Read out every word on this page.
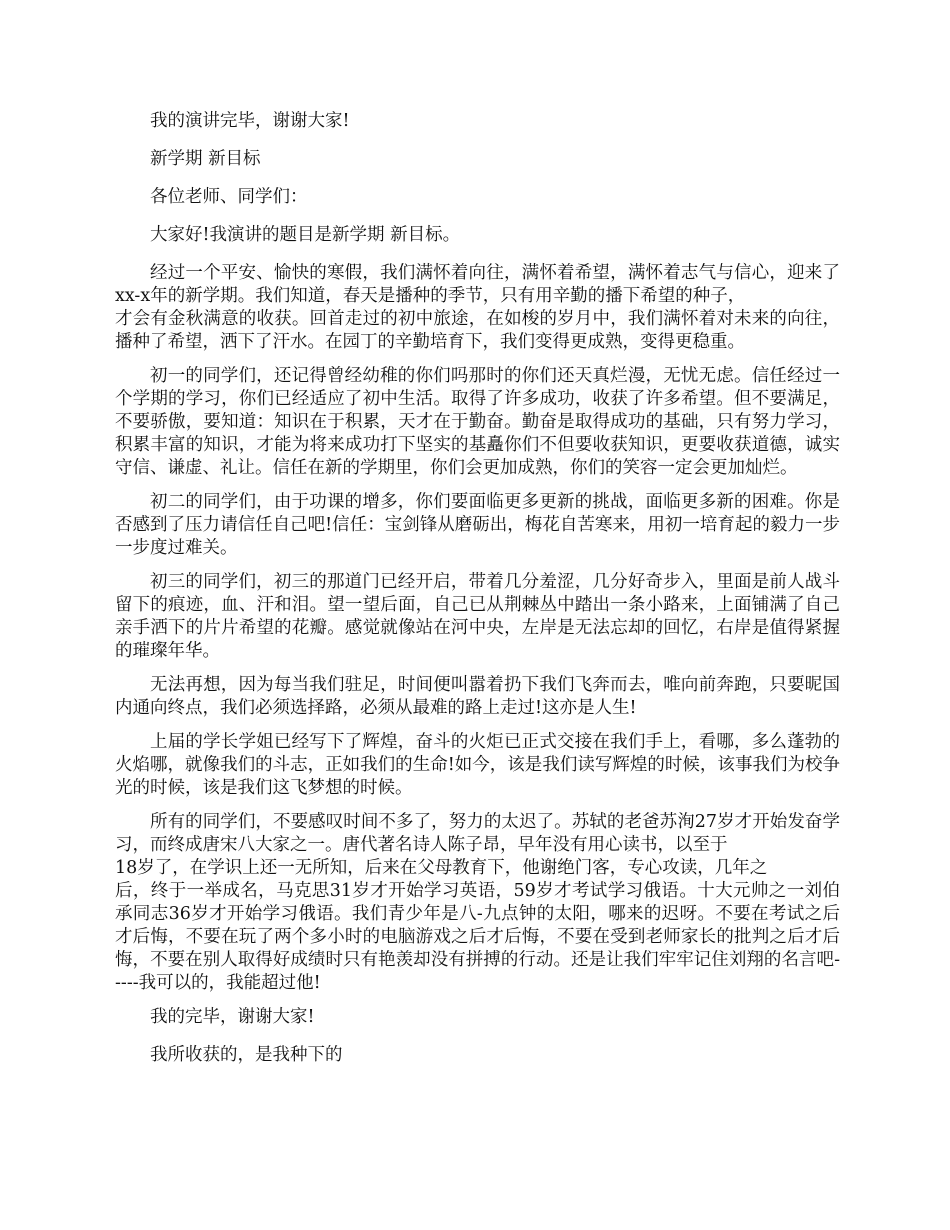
我的演讲完毕，谢谢大家!

新学期 新目标

各位老师、同学们：

大家好!我演讲的题目是新学期 新目标。

经过一个平安、愉快的寒假，我们满怀着向往，满怀着希望，满怀着志气与信心，迎来了xx-x年的新学期。我们知道，春天是播种的季节，只有用辛勤的播下希望的种子，
才会有金秋满意的收获。回首走过的初中旅途，在如梭的岁月中，我们满怀着对未来的向往，播种了希望，洒下了汗水。在园丁的辛勤培育下，我们变得更成熟，变得更稳重。

初一的同学们，还记得曾经幼稚的你们吗那时的你们还天真烂漫，无忧无虑。信任经过一个学期的学习，你们已经适应了初中生活。取得了许多成功，收获了许多希望。但不要满足，不要骄傲，要知道：知识在于积累，天才在于勤奋。勤奋是取得成功的基础，只有努力学习，积累丰富的知识，才能为将来成功打下坚实的基矗你们不但要收获知识，更要收获道德，诚实守信、谦虚、礼让。信任在新的学期里，你们会更加成熟，你们的笑容一定会更加灿烂。

初二的同学们，由于功课的增多，你们要面临更多更新的挑战，面临更多新的困难。你是否感到了压力请信任自己吧!信任：宝剑锋从磨砺出，梅花自苦寒来，用初一培育起的毅力一步一步度过难关。

初三的同学们，初三的那道门已经开启，带着几分羞涩，几分好奇步入，里面是前人战斗留下的痕迹，血、汗和泪。望一望后面，自己已从荆棘丛中踏出一条小路来，上面铺满了自己亲手洒下的片片希望的花瓣。感觉就像站在河中央，左岸是无法忘却的回忆，右岸是值得紧握的璀璨年华。

无法再想，因为每当我们驻足，时间便叫嚣着扔下我们飞奔而去，唯向前奔跑，只要昵国内通向终点，我们必须选择路，必须从最难的路上走过!这亦是人生!

上届的学长学姐已经写下了辉煌，奋斗的火炬已正式交接在我们手上，看哪，多么蓬勃的火焰哪，就像我们的斗志，正如我们的生命!如今，该是我们读写辉煌的时候，该事我们为校争光的时候，该是我们这飞梦想的时候。

所有的同学们，不要感叹时间不多了，努力的太迟了。苏轼的老爸苏洵27岁才开始发奋学习，而终成唐宋八大家之一。唐代著名诗人陈子昂，早年没有用心读书，以至于
18岁了，在学识上还一无所知，后来在父母教育下，他谢绝门客，专心攻读，几年之
后，终于一举成名，马克思31岁才开始学习英语，59岁才考试学习俄语。十大元帅之一刘伯承同志36岁才开始学习俄语。我们青少年是八-九点钟的太阳，哪来的迟呀。不要在考试之后才后悔，不要在玩了两个多小时的电脑游戏之后才后悔，不要在受到老师家长的批判之后才后悔，不要在别人取得好成绩时只有艳羡却没有拼搏的行动。还是让我们牢牢记住刘翔的名言吧-----我可以的，我能超过他!

我的完毕，谢谢大家!

我所收获的，是我种下的
